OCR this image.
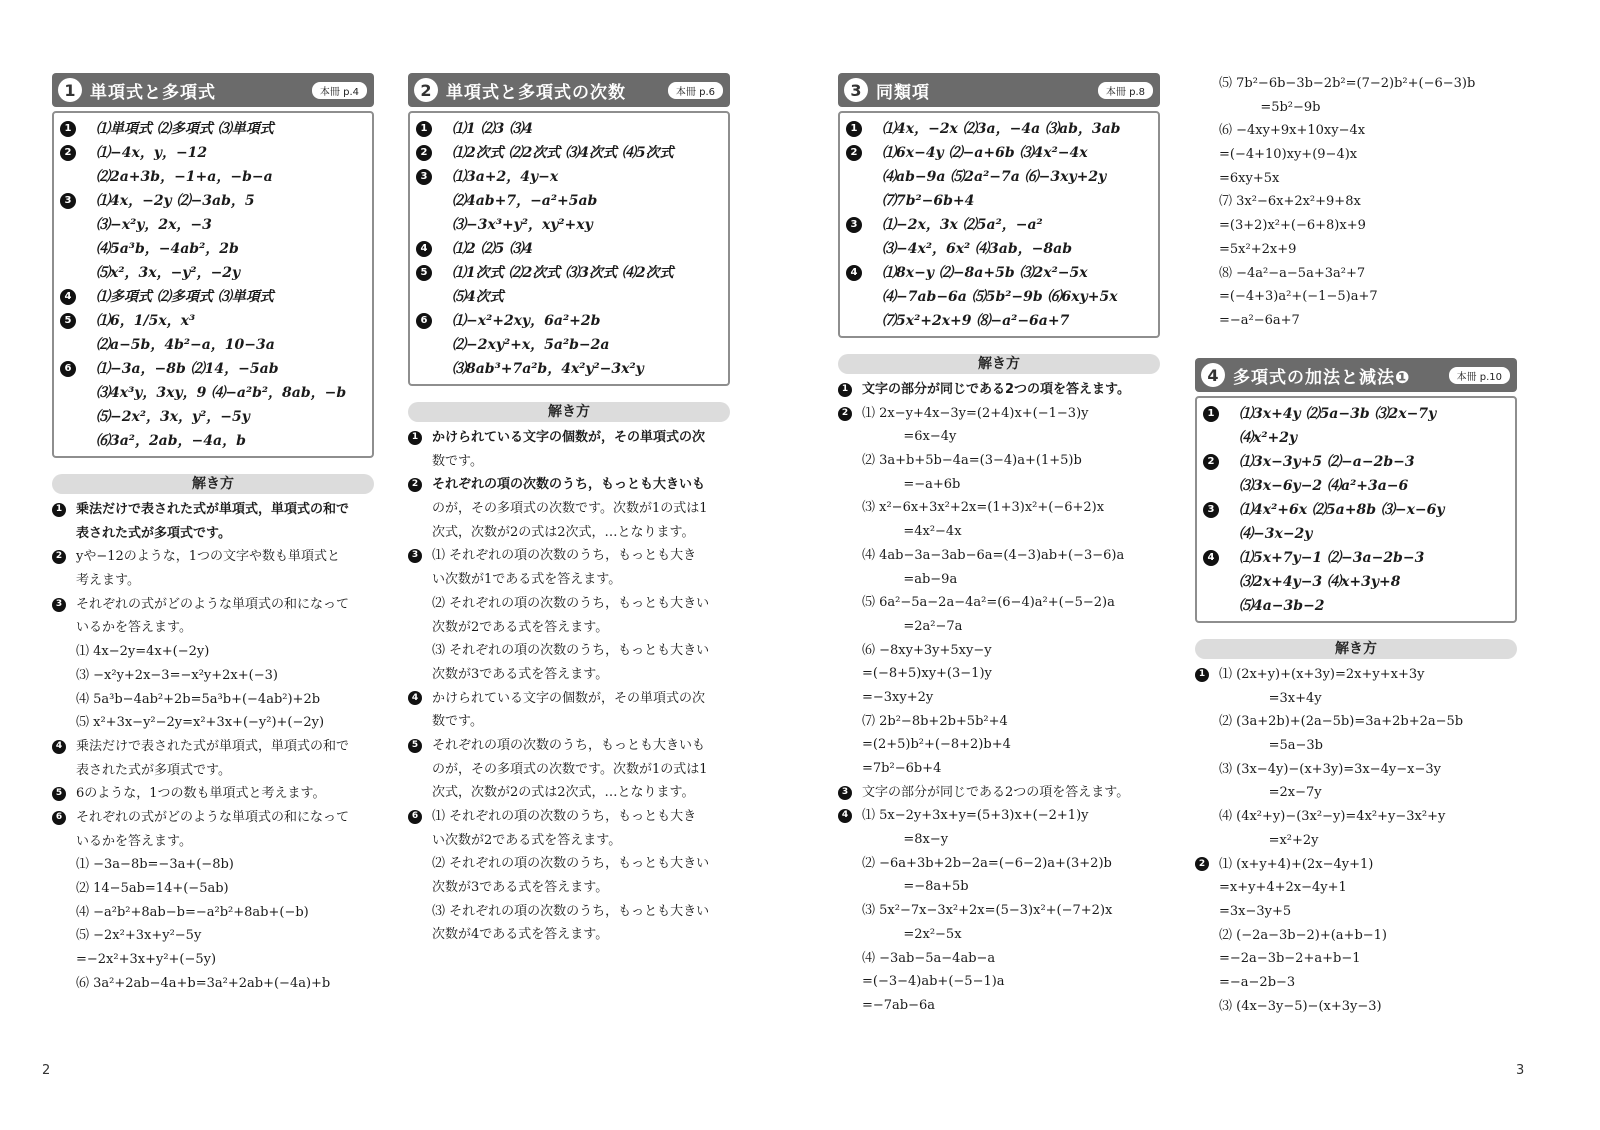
1 単項式と多項式	本冊 p.4
1	⑴単項式 ⑵多項式 ⑶単項式
2	⑴−4x，y，−12
⑵2a+3b，−1+a，−b−a
3	⑴4x，−2y ⑵−3ab，5
⑶−x²y，2x，−3
⑷5a³b，−4ab²，2b
⑸x²，3x，−y²，−2y
4	⑴多項式 ⑵多項式 ⑶単項式
5	⑴6，1/5x，x³
⑵a−5b，4b²−a，10−3a
6	⑴−3a，−8b ⑵14，−5ab
⑶4x³y，3xy，9 ⑷−a²b²，8ab，−b
⑸−2x²，3x，y²，−5y
⑹3a²，2ab，−4a，b
解き方
1 乗法だけで表された式が単項式，単項式の和で
表された式が多項式です。
2 yや−12のような，1つの文字や数も単項式と
考えます。
3 それぞれの式がどのような単項式の和になって
いるかを答えます。
⑴ 4x−2y=4x+(−2y)
⑶ −x²y+2x−3=−x²y+2x+(−3)
⑷ 5a³b−4ab²+2b=5a³b+(−4ab²)+2b
⑸ x²+3x−y²−2y=x²+3x+(−y²)+(−2y)
4 乗法だけで表された式が単項式，単項式の和で
表された式が多項式です。
5 6のような，1つの数も単項式と考えます。
6 それぞれの式がどのような単項式の和になって
いるかを答えます。
⑴ −3a−8b=−3a+(−8b)
⑵ 14−5ab=14+(−5ab)
⑷ −a²b²+8ab−b=−a²b²+8ab+(−b)
⑸ −2x²+3x+y²−5y
=−2x²+3x+y²+(−5y)
⑹ 3a²+2ab−4a+b=3a²+2ab+(−4a)+b
2 単項式と多項式の次数	本冊 p.6
1	⑴1 ⑵3 ⑶4
2	⑴2次式 ⑵2次式 ⑶4次式 ⑷5次式
3	⑴3a+2，4y−x
⑵4ab+7，−a²+5ab
⑶−3x³+y²，xy²+xy
4	⑴2 ⑵5 ⑶4
5	⑴1次式 ⑵2次式 ⑶3次式 ⑷2次式
⑸4次式
6	⑴−x²+2xy，6a²+2b
⑵−2xy²+x，5a²b−2a
⑶8ab³+7a²b，4x²y²−3x²y
解き方
1 かけられている文字の個数が，その単項式の次
数です。
2 それぞれの項の次数のうち，もっとも大きいも
のが，その多項式の次数です。次数が1の式は1
次式，次数が2の式は2次式，…となります。
3 ⑴ それぞれの項の次数のうち，もっとも大き
い次数が1である式を答えます。
⑵ それぞれの項の次数のうち，もっとも大きい
次数が2である式を答えます。
⑶ それぞれの項の次数のうち，もっとも大きい
次数が3である式を答えます。
4 かけられている文字の個数が，その単項式の次
数です。
5 それぞれの項の次数のうち，もっとも大きいも
のが，その多項式の次数です。次数が1の式は1
次式，次数が2の式は2次式，…となります。
6 ⑴ それぞれの項の次数のうち，もっとも大き
い次数が2である式を答えます。
⑵ それぞれの項の次数のうち，もっとも大きい
次数が3である式を答えます。
⑶ それぞれの項の次数のうち，もっとも大きい
次数が4である式を答えます。
3 同類項	本冊 p.8
1	⑴4x，−2x ⑵3a，−4a ⑶ab，3ab
2	⑴6x−4y ⑵−a+6b ⑶4x²−4x
⑷ab−9a ⑸2a²−7a ⑹−3xy+2y
⑺7b²−6b+4
3	⑴−2x，3x ⑵5a²，−a²
⑶−4x²，6x² ⑷3ab，−8ab
4	⑴8x−y ⑵−8a+5b ⑶2x²−5x
⑷−7ab−6a ⑸5b²−9b ⑹6xy+5x
⑺5x²+2x+9 ⑻−a²−6a+7
解き方
1 文字の部分が同じである2つの項を答えます。
2 ⑴ 2x−y+4x−3y=(2+4)x+(−1−3)y
=6x−4y
⑵ 3a+b+5b−4a=(3−4)a+(1+5)b
=−a+6b
⑶ x²−6x+3x²+2x=(1+3)x²+(−6+2)x
=4x²−4x
⑷ 4ab−3a−3ab−6a=(4−3)ab+(−3−6)a
=ab−9a
⑸ 6a²−5a−2a−4a²=(6−4)a²+(−5−2)a
=2a²−7a
⑹ −8xy+3y+5xy−y
=(−8+5)xy+(3−1)y
=−3xy+2y
⑺ 2b²−8b+2b+5b²+4
=(2+5)b²+(−8+2)b+4
=7b²−6b+4
3 文字の部分が同じである2つの項を答えます。
4 ⑴ 5x−2y+3x+y=(5+3)x+(−2+1)y
=8x−y
⑵ −6a+3b+2b−2a=(−6−2)a+(3+2)b
=−8a+5b
⑶ 5x²−7x−3x²+2x=(5−3)x²+(−7+2)x
=2x²−5x
⑷ −3ab−5a−4ab−a
=(−3−4)ab+(−5−1)a
=−7ab−6a
⑸ 7b²−6b−3b−2b²=(7−2)b²+(−6−3)b
=5b²−9b
⑹ −4xy+9x+10xy−4x
=(−4+10)xy+(9−4)x
=6xy+5x
⑺ 3x²−6x+2x²+9+8x
=(3+2)x²+(−6+8)x+9
=5x²+2x+9
⑻ −4a²−a−5a+3a²+7
=(−4+3)a²+(−1−5)a+7
=−a²−6a+7
4 多項式の加法と減法❶	本冊 p.10
1	⑴3x+4y ⑵5a−3b ⑶2x−7y
⑷x²+2y
2	⑴3x−3y+5 ⑵−a−2b−3
⑶3x−6y−2 ⑷a²+3a−6
3	⑴4x²+6x ⑵5a+8b ⑶−x−6y
⑷−3x−2y
4	⑴5x+7y−1 ⑵−3a−2b−3
⑶2x+4y−3 ⑷x+3y+8
⑸4a−3b−2
解き方
1 ⑴ (2x+y)+(x+3y)=2x+y+x+3y
=3x+4y
⑵ (3a+2b)+(2a−5b)=3a+2b+2a−5b
=5a−3b
⑶ (3x−4y)−(x+3y)=3x−4y−x−3y
=2x−7y
⑷ (4x²+y)−(3x²−y)=4x²+y−3x²+y
=x²+2y
2 ⑴ (x+y+4)+(2x−4y+1)
=x+y+4+2x−4y+1
=3x−3y+5
⑵ (−2a−3b−2)+(a+b−1)
=−2a−3b−2+a+b−1
=−a−2b−3
⑶ (4x−3y−5)−(x+3y−3)
2	3
